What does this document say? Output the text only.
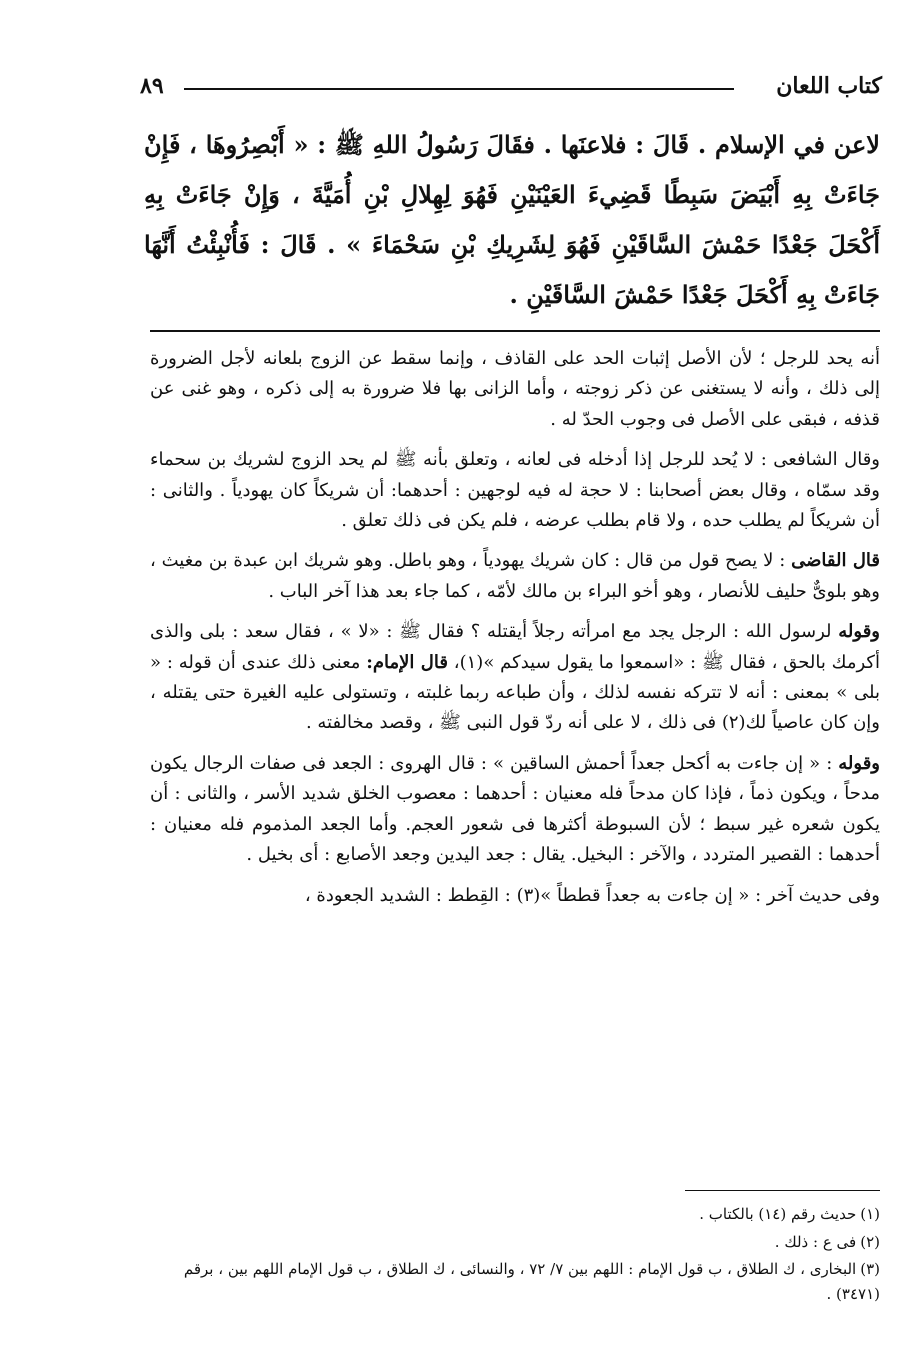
كتاب اللعان
٨٩
لاعن في الإسلام . قَالَ : فلاعنَها . فقَالَ رَسُولُ اللهِ ﷺ : « أَبْصِرُوهَا ، فَإِنْ جَاءَتْ بِهِ أَبْيَضَ سَبِطًا قَضِيءَ العَيْنَيْنِ فَهُوَ لِهِلالِ بْنِ أُمَيَّةَ ، وَإِنْ جَاءَتْ بِهِ أَكْحَلَ جَعْدًا حَمْشَ السَّاقَيْنِ فَهُوَ لِشَرِيكِ بْنِ سَحْمَاءَ » . قَالَ : فَأُنْبِئْتُ أَنَّهَا جَاءَتْ بِهِ أَكْحَلَ جَعْدًا حَمْشَ السَّاقَيْنِ .

أنه يحد للرجل ؛ لأن الأصل إثبات الحد على القاذف ، وإنما سقط عن الزوج بلعانه لأجل الضرورة إلى ذلك ، وأنه لا يستغنى عن ذكر زوجته ، وأما الزانى بها فلا ضرورة به إلى ذكره ، وهو غنى عن قذفه ، فبقى على الأصل فى وجوب الحدّ له .

وقال الشافعى : لا يُحد للرجل إذا أدخله فى لعانه ، وتعلق بأنه ﷺ لم يحد الزوج لشريك بن سحماء وقد سمّاه ، وقال بعض أصحابنا : لا حجة له فيه لوجهين : أحدهما: أن شريكاً كان يهودياً . والثانى : أن شريكاً لم يطلب حده ، ولا قام بطلب عرضه ، فلم يكن فى ذلك تعلق .

قال القاضى : لا يصح قول من قال : كان شريك يهودياً ، وهو باطل. وهو شريك ابن عبدة بن مغيث ، وهو بلوىٌّ حليف للأنصار ، وهو أخو البراء بن مالك لأمّه ، كما جاء بعد هذا آخر الباب .

وقوله لرسول الله : الرجل يجد مع امرأته رجلاً أيقتله ؟ فقال ﷺ : «لا » ، فقال سعد : بلى والذى أكرمك بالحق ، فقال ﷺ : «اسمعوا ما يقول سيدكم »(١)، قال الإمام: معنى ذلك عندى أن قوله : « بلى » بمعنى : أنه لا تتركه نفسه لذلك ، وأن طباعه ربما غلبته ، وتستولى عليه الغيرة حتى يقتله ، وإن كان عاصياً لك(٢) فى ذلك ، لا على أنه ردّ قول النبى ﷺ ، وقصد مخالفته .

وقوله : « إن جاءت به أكحل جعداً أحمش الساقين » : قال الهروى : الجعد فى صفات الرجال يكون مدحاً ، ويكون ذماً ، فإذا كان مدحاً فله معنيان : أحدهما : معصوب الخلق شديد الأسر ، والثانى : أن يكون شعره غير سبط ؛ لأن السبوطة أكثرها فى شعور العجم. وأما الجعد المذموم فله معنيان : أحدهما : القصير المتردد ، والآخر : البخيل. يقال : جعد اليدين وجعد الأصابع : أى بخيل .

وفى حديث آخر : « إن جاءت به جعداً قططاً »(٣) : القِطط : الشديد الجعودة ،

(١)حديث رقم (١٤) بالكتاب .

(٢)فى ع : ذلك .

(٣)البخارى ، ك الطلاق ، ب قول الإمام : اللهم بين ٧/ ٧٢ ، والنسائى ، ك الطلاق ، ب قول الإمام اللهم بين ، برقم (٣٤٧١) .
